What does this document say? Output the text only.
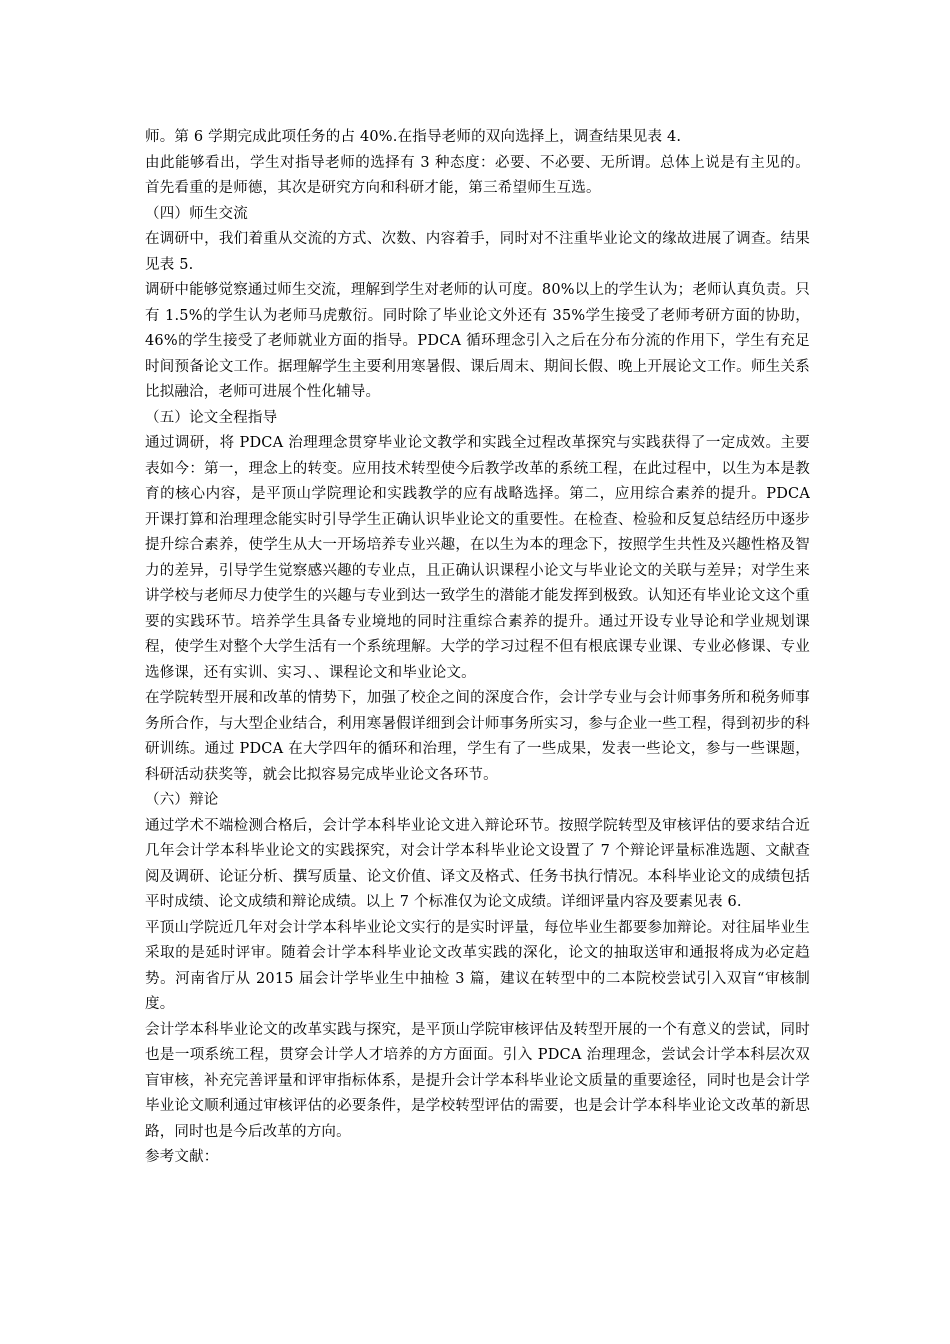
师。第 6 学期完成此项任务的占 40%.在指导老师的双向选择上，调查结果见表 4.

由此能够看出，学生对指导老师的选择有 3 种态度：必要、不必要、无所谓。总体上说是有主见的。首先看重的是师德，其次是研究方向和科研才能，第三希望师生互选。

（四）师生交流

在调研中，我们着重从交流的方式、次数、内容着手，同时对不注重毕业论文的缘故进展了调查。结果见表 5.

调研中能够觉察通过师生交流，理解到学生对老师的认可度。80%以上的学生认为；老师认真负责。只有 1.5%的学生认为老师马虎敷衍。同时除了毕业论文外还有 35%学生接受了老师考研方面的协助，46%的学生接受了老师就业方面的指导。PDCA 循环理念引入之后在分布分流的作用下，学生有充足时间预备论文工作。据理解学生主要利用寒暑假、课后周末、期间长假、晚上开展论文工作。师生关系比拟融洽，老师可进展个性化辅导。

（五）论文全程指导

通过调研，将 PDCA 治理理念贯穿毕业论文教学和实践全过程改革探究与实践获得了一定成效。主要表如今：第一，理念上的转变。应用技术转型使今后教学改革的系统工程，在此过程中，以生为本是教育的核心内容，是平顶山学院理论和实践教学的应有战略选择。第二，应用综合素养的提升。PDCA 开课打算和治理理念能实时引导学生正确认识毕业论文的重要性。在检查、检验和反复总结经历中逐步提升综合素养，使学生从大一开场培养专业兴趣，在以生为本的理念下，按照学生共性及兴趣性格及智力的差异，引导学生觉察感兴趣的专业点，且正确认识课程小论文与毕业论文的关联与差异；对学生来讲学校与老师尽力使学生的兴趣与专业到达一致学生的潜能才能发挥到极致。认知还有毕业论文这个重要的实践环节。培养学生具备专业境地的同时注重综合素养的提升。通过开设专业导论和学业规划课程，使学生对整个大学生活有一个系统理解。大学的学习过程不但有根底课专业课、专业必修课、专业选修课，还有实训、实习、、课程论文和毕业论文。

在学院转型开展和改革的情势下，加强了校企之间的深度合作，会计学专业与会计师事务所和税务师事务所合作，与大型企业结合，利用寒暑假详细到会计师事务所实习，参与企业一些工程，得到初步的科研训练。通过 PDCA 在大学四年的循环和治理，学生有了一些成果，发表一些论文，参与一些课题，科研活动获奖等，就会比拟容易完成毕业论文各环节。

（六）辩论

通过学术不端检测合格后，会计学本科毕业论文进入辩论环节。按照学院转型及审核评估的要求结合近几年会计学本科毕业论文的实践探究，对会计学本科毕业论文设置了 7 个辩论评量标准选题、文献查阅及调研、论证分析、撰写质量、论文价值、译文及格式、任务书执行情况。本科毕业论文的成绩包括平时成绩、论文成绩和辩论成绩。以上 7 个标准仅为论文成绩。详细评量内容及要素见表 6.

平顶山学院近几年对会计学本科毕业论文实行的是实时评量，每位毕业生都要参加辩论。对往届毕业生采取的是延时评审。随着会计学本科毕业论文改革实践的深化，论文的抽取送审和通报将成为必定趋势。河南省厅从 2015 届会计学毕业生中抽检 3 篇，建议在转型中的二本院校尝试引入双盲“审核制度。

会计学本科毕业论文的改革实践与探究，是平顶山学院审核评估及转型开展的一个有意义的尝试，同时也是一项系统工程，贯穿会计学人才培养的方方面面。引入 PDCA 治理理念，尝试会计学本科层次双盲审核，补充完善评量和评审指标体系，是提升会计学本科毕业论文质量的重要途径，同时也是会计学毕业论文顺利通过审核评估的必要条件，是学校转型评估的需要，也是会计学本科毕业论文改革的新思路，同时也是今后改革的方向。

参考文献：
